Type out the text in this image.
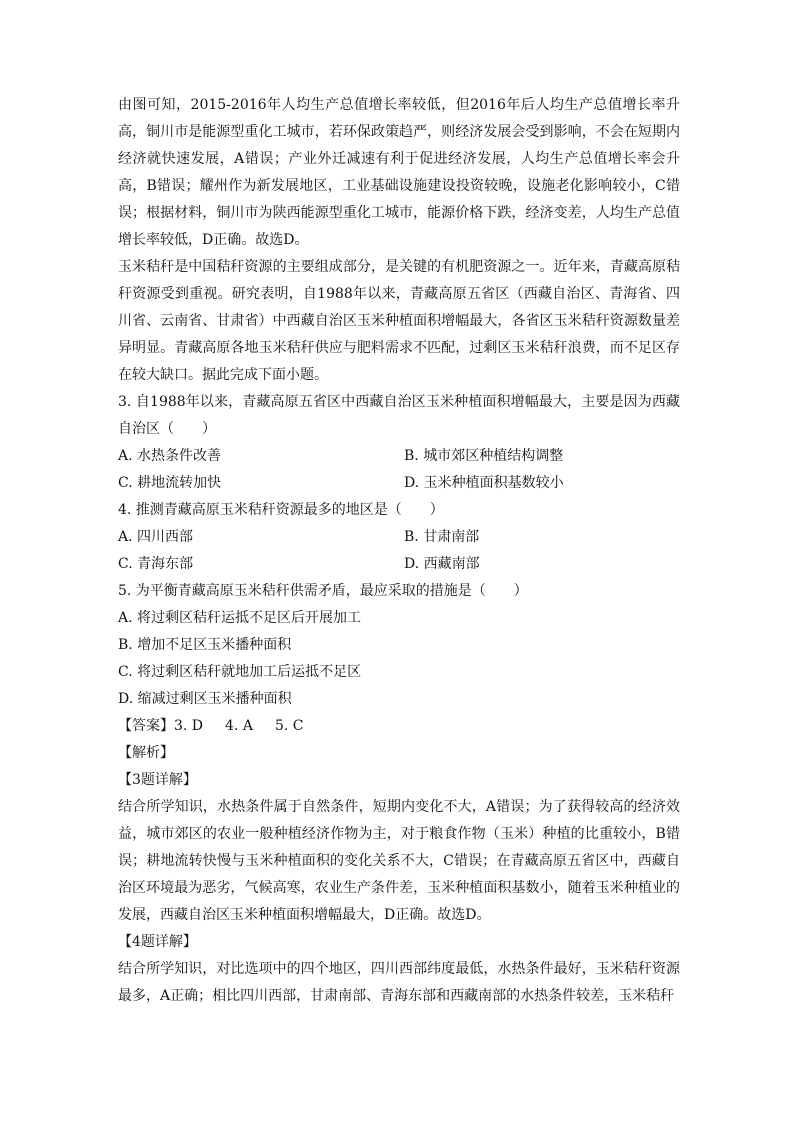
由图可知，2015-2016年人均生产总值增长率较低，但2016年后人均生产总值增长率升高，铜川市是能源型重化工城市，若环保政策趋严，则经济发展会受到影响，不会在短期内经济就快速发展，A错误；产业外迁减速有利于促进经济发展，人均生产总值增长率会升高，B错误；耀州作为新发展地区，工业基础设施建设投资较晚，设施老化影响较小，C错误；根据材料，铜川市为陕西能源型重化工城市，能源价格下跌，经济变差，人均生产总值增长率较低，D正确。故选D。

玉米秸秆是中国秸秆资源的主要组成部分，是关键的有机肥资源之一。近年来，青藏高原秸秆资源受到重视。研究表明，自1988年以来，青藏高原五省区（西藏自治区、青海省、四川省、云南省、甘肃省）中西藏自治区玉米种植面积增幅最大，各省区玉米秸秆资源数量差异明显。青藏高原各地玉米秸秆供应与肥料需求不匹配，过剩区玉米秸秆浪费，而不足区存在较大缺口。据此完成下面小题。

3. 自1988年以来，青藏高原五省区中西藏自治区玉米种植面积增幅最大，主要是因为西藏自治区（　　）

A. 水热条件改善	B. 城市郊区种植结构调整
C. 耕地流转加快	D. 玉米种植面积基数较小

4. 推测青藏高原玉米秸秆资源最多的地区是（　　）

A. 四川西部	B. 甘肃南部
C. 青海东部	D. 西藏南部

5. 为平衡青藏高原玉米秸秆供需矛盾，最应采取的措施是（　　）

A. 将过剩区秸秆运抵不足区后开展加工

B. 增加不足区玉米播种面积

C. 将过剩区秸秆就地加工后运抵不足区

D. 缩减过剩区玉米播种面积

【答案】3. D 4. A 5. C

【解析】

【3题详解】

结合所学知识，水热条件属于自然条件，短期内变化不大，A错误；为了获得较高的经济效益，城市郊区的农业一般种植经济作物为主，对于粮食作物（玉米）种植的比重较小，B错误；耕地流转快慢与玉米种植面积的变化关系不大，C错误；在青藏高原五省区中，西藏自治区环境最为恶劣，气候高寒，农业生产条件差，玉米种植面积基数小，随着玉米种植业的发展，西藏自治区玉米种植面积增幅最大，D正确。故选D。

【4题详解】

结合所学知识，对比选项中的四个地区，四川西部纬度最低，水热条件最好，玉米秸秆资源最多，A正确；相比四川西部，甘肃南部、青海东部和西藏南部的水热条件较差，玉米秸秆
